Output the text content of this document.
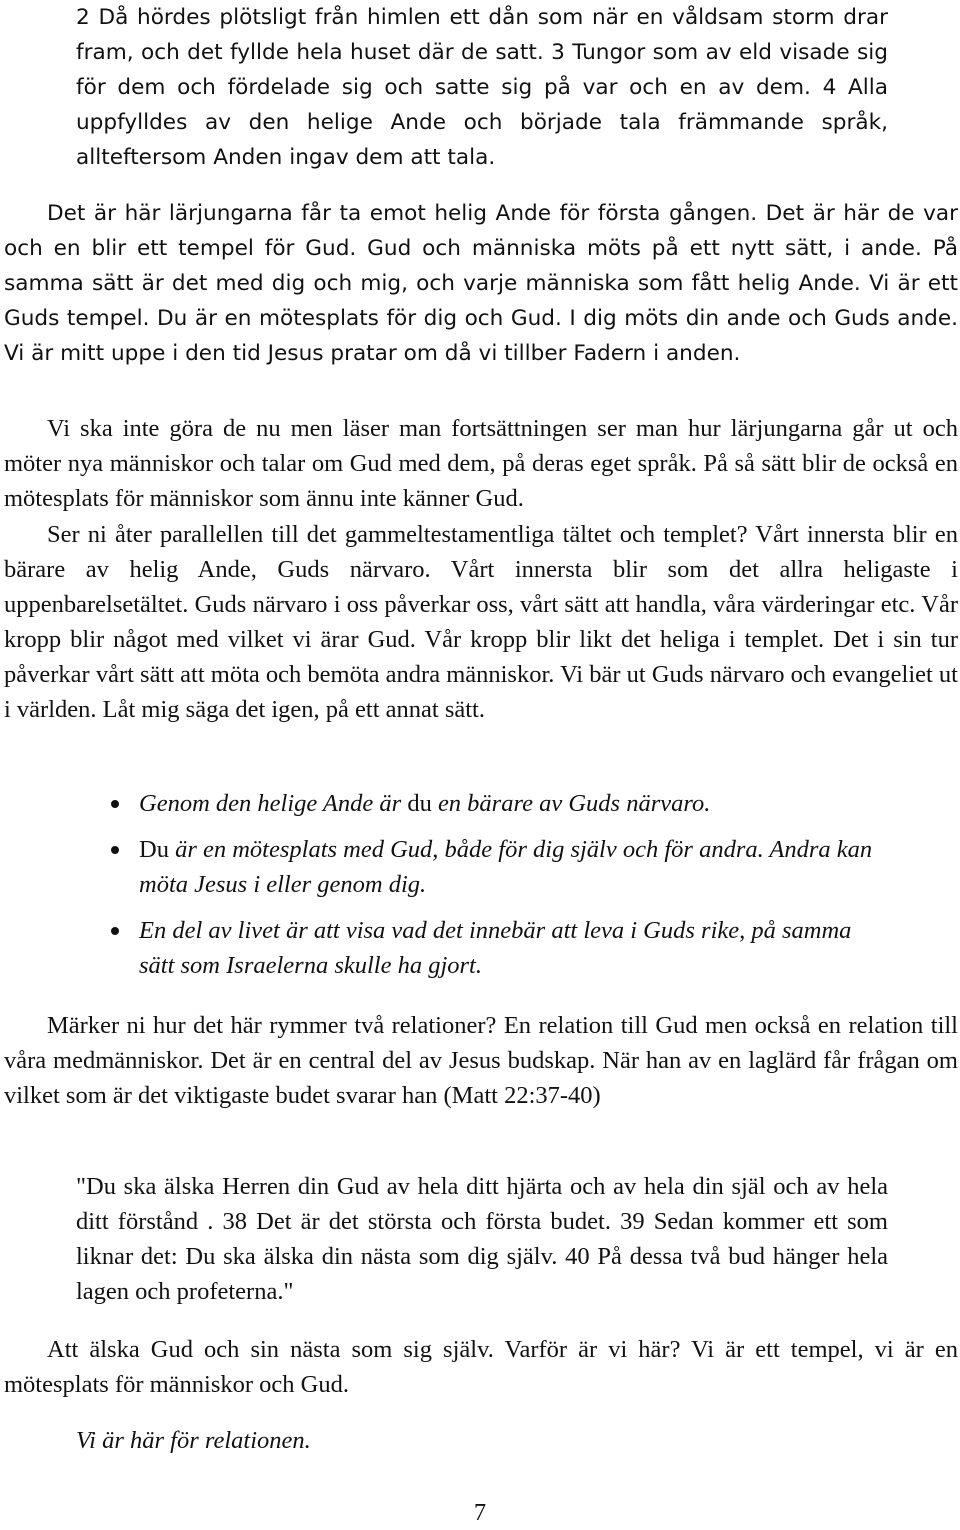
2 Då hördes plötsligt från himlen ett dån som när en våldsam storm drar fram, och det fyllde hela huset där de satt. 3 Tungor som av eld visade sig för dem och fördelade sig och satte sig på var och en av dem. 4 Alla uppfylldes av den helige Ande och började tala främmande språk, allteftersom Anden ingav dem att tala.

Det är här lärjungarna får ta emot helig Ande för första gången. Det är här de var och en blir ett tempel för Gud. Gud och människa möts på ett nytt sätt, i ande. På samma sätt är det med dig och mig, och varje människa som fått helig Ande. Vi är ett Guds tempel. Du är en mötesplats för dig och Gud. I dig möts din ande och Guds ande. Vi är mitt uppe i den tid Jesus pratar om då vi tillber Fadern i anden.

Vi ska inte göra de nu men läser man fortsättningen ser man hur lärjungarna går ut och möter nya människor och talar om Gud med dem, på deras eget språk. På så sätt blir de också en mötesplats för människor som ännu inte känner Gud.

Ser ni åter parallellen till det gammeltestamentliga tältet och templet? Vårt innersta blir en bärare av helig Ande, Guds närvaro. Vårt innersta blir som det allra heligaste i uppenbarelsetältet. Guds närvaro i oss påverkar oss, vårt sätt att handla, våra värderingar etc. Vår kropp blir något med vilket vi ärar Gud. Vår kropp blir likt det heliga i templet. Det i sin tur påverkar vårt sätt att möta och bemöta andra människor. Vi bär ut Guds närvaro och evangeliet ut i världen. Låt mig säga det igen, på ett annat sätt.

Genom den helige Ande är du en bärare av Guds närvaro.
Du är en mötesplats med Gud, både för dig själv och för andra. Andra kan möta Jesus i eller genom dig.
En del av livet är att visa vad det innebär att leva i Guds rike, på samma sätt som Israelerna skulle ha gjort.

Märker ni hur det här rymmer två relationer? En relation till Gud men också en relation till våra medmänniskor. Det är en central del av Jesus budskap. När han av en laglärd får frågan om vilket som är det viktigaste budet svarar han (Matt 22:37-40)

"Du ska älska Herren din Gud av hela ditt hjärta och av hela din själ och av hela ditt förstånd . 38 Det är det största och första budet. 39 Sedan kommer ett som liknar det: Du ska älska din nästa som dig själv. 40 På dessa två bud hänger hela lagen och profeterna."

Att älska Gud och sin nästa som sig själv. Varför är vi här? Vi är ett tempel, vi är en mötesplats för människor och Gud.

Vi är här för relationen.

7
